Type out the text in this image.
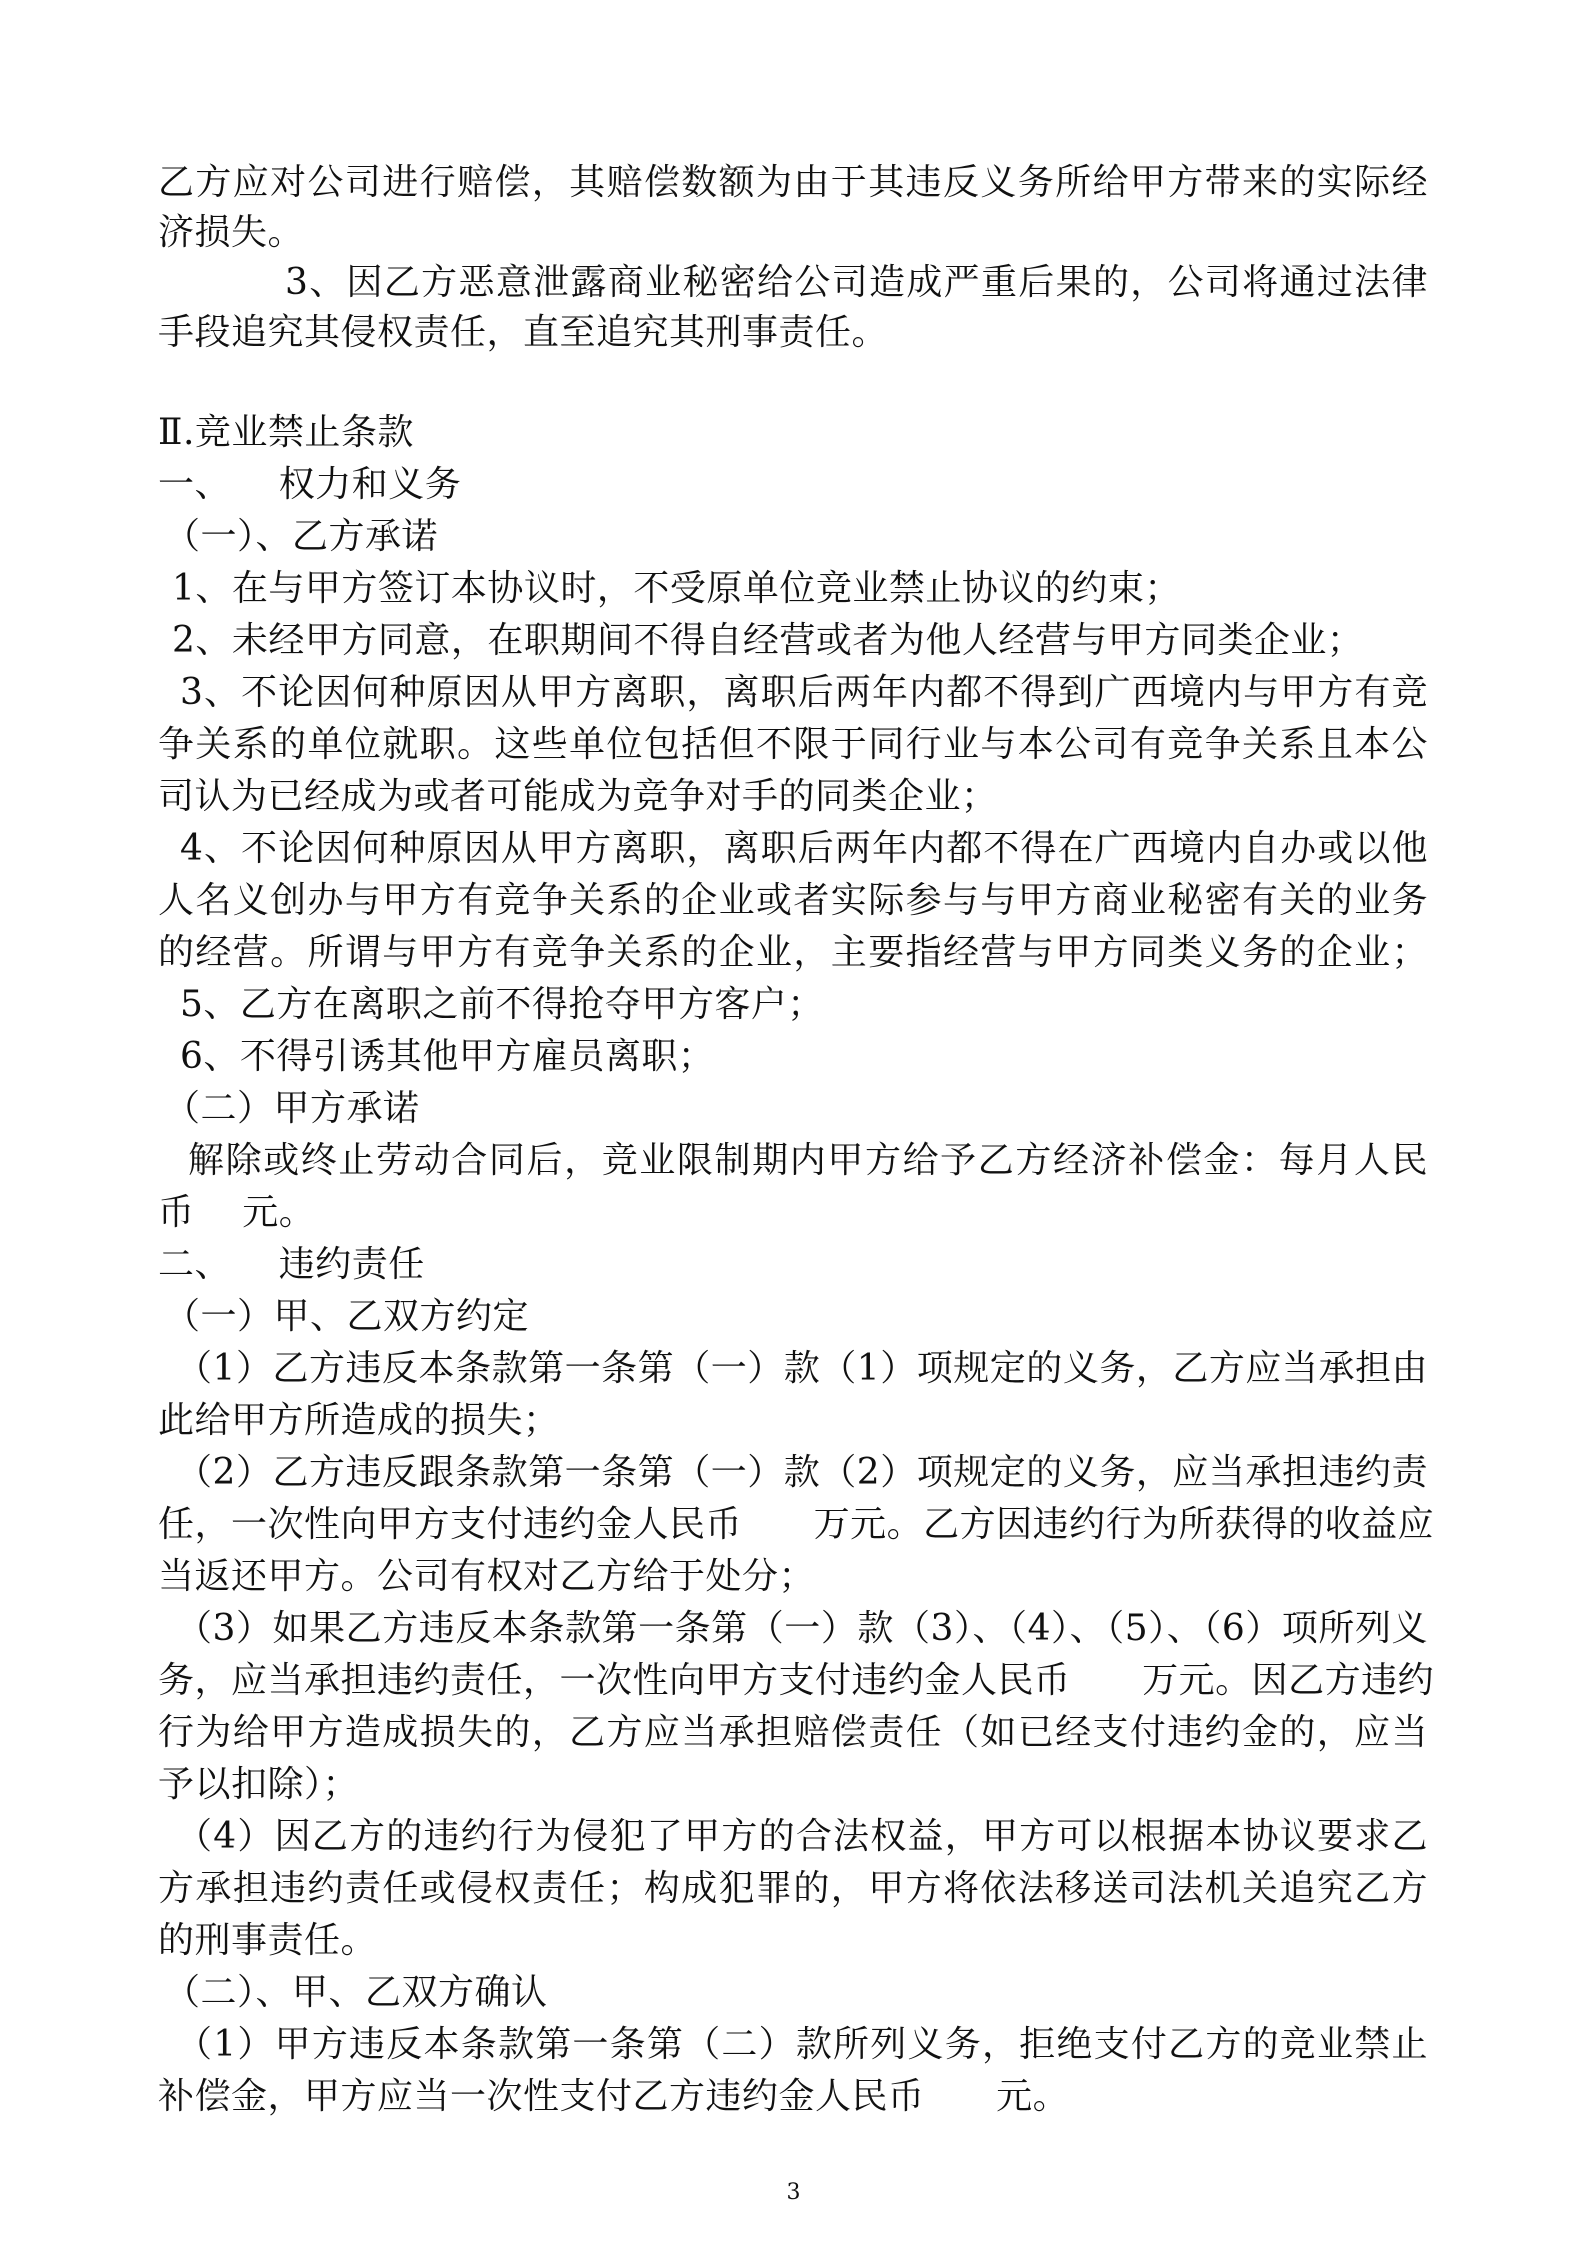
乙方应对公司进行赔偿，其赔偿数额为由于其违反义务所给甲方带来的实际经
济损失。
3、因乙方恶意泄露商业秘密给公司造成严重后果的，公司将通过法律
手段追究其侵权责任，直至追究其刑事责任。
Ⅱ.竞业禁止条款
一、    权力和义务
（一）、乙方承诺
1、在与甲方签订本协议时，不受原单位竞业禁止协议的约束；
2、未经甲方同意，在职期间不得自经营或者为他人经营与甲方同类企业；
3、不论因何种原因从甲方离职，离职后两年内都不得到广西境内与甲方有竞
争关系的单位就职。这些单位包括但不限于同行业与本公司有竞争关系且本公
司认为已经成为或者可能成为竞争对手的同类企业；
4、不论因何种原因从甲方离职，离职后两年内都不得在广西境内自办或以他
人名义创办与甲方有竞争关系的企业或者实际参与与甲方商业秘密有关的业务
的经营。所谓与甲方有竞争关系的企业，主要指经营与甲方同类义务的企业；
5、乙方在离职之前不得抢夺甲方客户；
6、不得引诱其他甲方雇员离职；
（二）甲方承诺
解除或终止劳动合同后，竞业限制期内甲方给予乙方经济补偿金：每月人民
币    元。
二、    违约责任
（一）甲、乙双方约定
（1）乙方违反本条款第一条第（一）款（1）项规定的义务，乙方应当承担由
此给甲方所造成的损失；
（2）乙方违反跟条款第一条第（一）款（2）项规定的义务，应当承担违约责
任，一次性向甲方支付违约金人民币      万元。乙方因违约行为所获得的收益应
当返还甲方。公司有权对乙方给于处分；
（3）如果乙方违反本条款第一条第（一）款（3）、（4）、（5）、（6）项所列义
务，应当承担违约责任，一次性向甲方支付违约金人民币      万元。因乙方违约
行为给甲方造成损失的，乙方应当承担赔偿责任（如已经支付违约金的，应当
予以扣除）；
（4）因乙方的违约行为侵犯了甲方的合法权益，甲方可以根据本协议要求乙
方承担违约责任或侵权责任；构成犯罪的，甲方将依法移送司法机关追究乙方
的刑事责任。
（二）、甲、乙双方确认
（1）甲方违反本条款第一条第（二）款所列义务，拒绝支付乙方的竞业禁止
补偿金，甲方应当一次性支付乙方违约金人民币      元。
3
